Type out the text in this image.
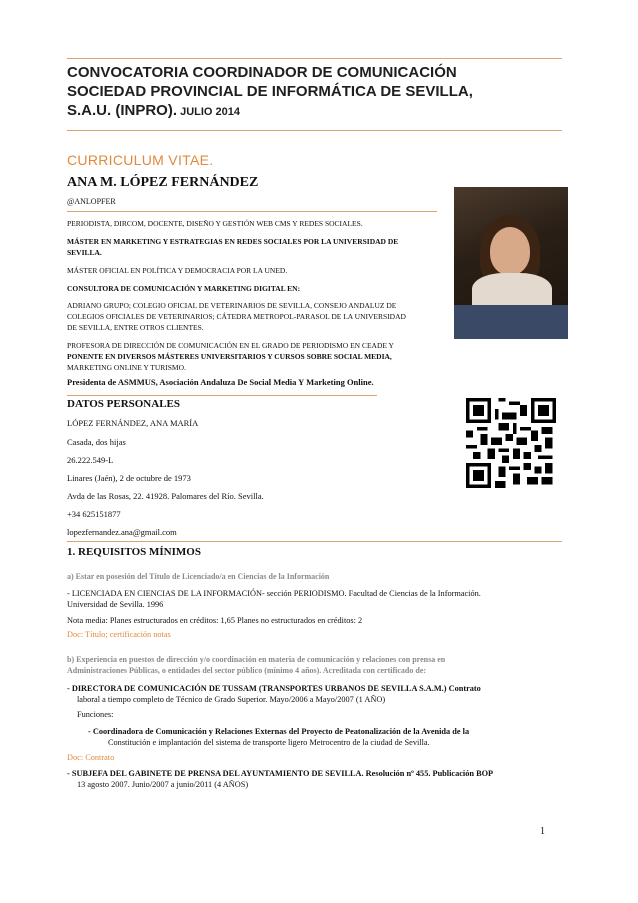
CONVOCATORIA COORDINADOR DE COMUNICACIÓN
SOCIEDAD PROVINCIAL DE INFORMÁTICA DE SEVILLA,
S.A.U. (INPRO). JULIO 2014
CURRICULUM VITAE.
ANA M. LÓPEZ FERNÁNDEZ
@ANLOPFER
PERIODISTA, DIRCOM, DOCENTE, DISEÑO Y GESTIÓN WEB CMS Y REDES SOCIALES.
MÁSTER EN MARKETING Y ESTRATEGIAS EN REDES SOCIALES POR LA UNIVERSIDAD DE
SEVILLA.
MÁSTER OFICIAL EN POLÍTICA Y DEMOCRACIA POR LA UNED.
CONSULTORA DE COMUNICACIÓN Y MARKETING DIGITAL EN:
ADRIANO GRUPO; COLEGIO OFICIAL DE VETERINARIOS DE SEVILLA, CONSEJO ANDALUZ DE
COLEGIOS OFICIALES DE VETERINARIOS; CÁTEDRA METROPOL-PARASOL DE LA UNIVERSIDAD
DE SEVILLA, ENTRE OTROS CLIENTES.
PROFESORA DE DIRECCIÓN DE COMUNICACIÓN EN EL GRADO DE PERIODISMO EN CEADE Y
PONENTE EN DIVERSOS MÁSTERES UNIVERSITARIOS Y CURSOS SOBRE SOCIAL MEDIA,
MARKETING ONLINE Y TURISMO.
Presidenta de ASMMUS, Asociación Andaluza De Social Media Y Marketing Online.
DATOS PERSONALES
LÓPEZ FERNÁNDEZ, ANA MARÍA
Casada, dos hijas
26.222.549-L
Linares (Jaén), 2 de octubre de 1973
Avda de las Rosas, 22. 41928. Palomares del Río. Sevilla.
+34 625151877
lopezfernandez.ana@gmail.com
1. REQUISITOS MÍNIMOS
a) Estar en posesión del Título de Licenciado/a en Ciencias de la Información
- LICENCIADA EN CIENCIAS DE LA INFORMACIÓN- sección PERIODISMO. Facultad de Ciencias de la Información.
Universidad de Sevilla. 1996
Nota media: Planes estructurados en créditos: 1,65 Planes no estructurados en créditos: 2
Doc: Título; certificación notas
b) Experiencia en puestos de dirección y/o coordinación en materia de comunicación y relaciones con prensa en
Administraciones Públicas, o entidades del sector público (mínimo 4 años). Acreditada con certificado de:
- DIRECTORA DE COMUNICACIÓN DE TUSSAM (TRANSPORTES URBANOS DE SEVILLA S.A.M.) Contrato
laboral a tiempo completo de Técnico de Grado Superior. Mayo/2006 a Mayo/2007 (1 AÑO)
Funciones:
- Coordinadora de Comunicación y Relaciones Externas del Proyecto de Peatonalización de la Avenida de la
Constitución e implantación del sistema de transporte ligero Metrocentro de la ciudad de Sevilla.
Doc: Contrato
- SUBJEFA DEL GABINETE DE PRENSA DEL AYUNTAMIENTO DE SEVILLA. Resolución nº 455. Publicación BOP
13 agosto 2007. Junio/2007 a junio/2011 (4 AÑOS)
1
